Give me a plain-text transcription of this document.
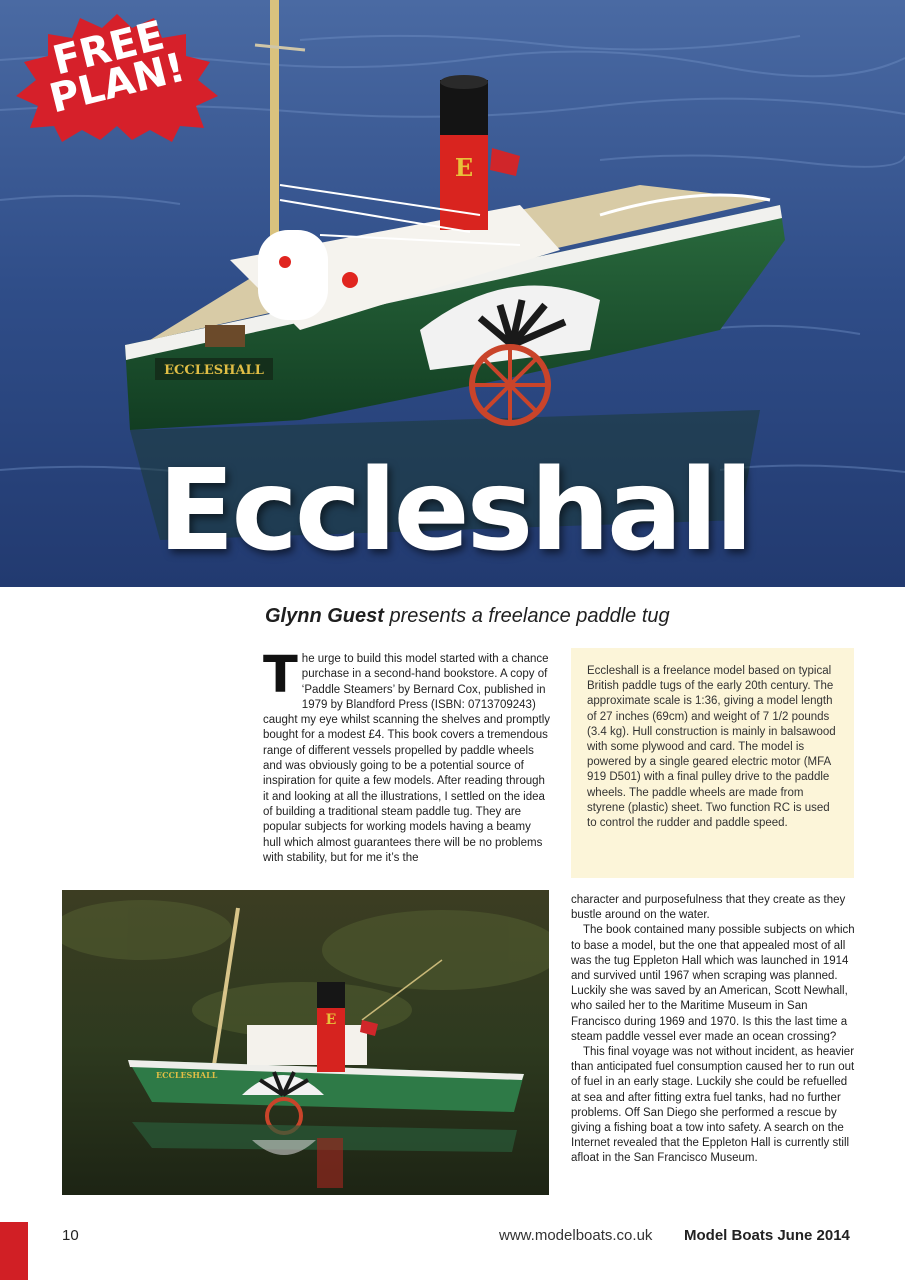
E
ECCLESHALL
FREE PLAN!
Eccleshall
Glynn Guest presents a freelance paddle tug
The urge to build this model started with a chance purchase in a second-hand bookstore. A copy of ‘Paddle Steamers’ by Bernard Cox, published in 1979 by Blandford Press (ISBN: 0713709243) caught my eye whilst scanning the shelves and promptly bought for a modest £4. This book covers a tremendous range of different vessels propelled by paddle wheels and was obviously going to be a potential source of inspiration for quite a few models. After reading through it and looking at all the illustrations, I settled on the idea of building a traditional steam paddle tug. They are popular subjects for working models having a beamy hull which almost guarantees there will be no problems with stability, but for me it’s the
Eccleshall is a freelance model based on typical British paddle tugs of the early 20th century. The approximate scale is 1:36, giving a model length of 27 inches (69cm) and weight of 7 1/2 pounds (3.4 kg). Hull construction is mainly in balsawood with some plywood and card. The model is powered by a single geared electric motor (MFA 919 D501) with a final pulley drive to the paddle wheels. The paddle wheels are made from styrene (plastic) sheet. Two function RC is used to control the rudder and paddle speed.
E
ECCLESHALL

character and purposefulness that they create as they bustle around on the water.

The book contained many possible subjects on which to base a model, but the one that appealed most of all was the tug Eppleton Hall which was launched in 1914 and survived until 1967 when scraping was planned. Luckily she was saved by an American, Scott Newhall, who sailed her to the Maritime Museum in San Francisco during 1969 and 1970. Is this the last time a steam paddle vessel ever made an ocean crossing?

This final voyage was not without incident, as heavier than anticipated fuel consumption caused her to run out of fuel in an early stage. Luckily she could be refuelled at sea and after fitting extra fuel tanks, had no further problems. Off San Diego she performed a rescue by giving a fishing boat a tow into safety. A search on the Internet revealed that the Eppleton Hall is currently still afloat in the San Francisco Museum.

10	www.modelboats.co.uk Model Boats June 2014
